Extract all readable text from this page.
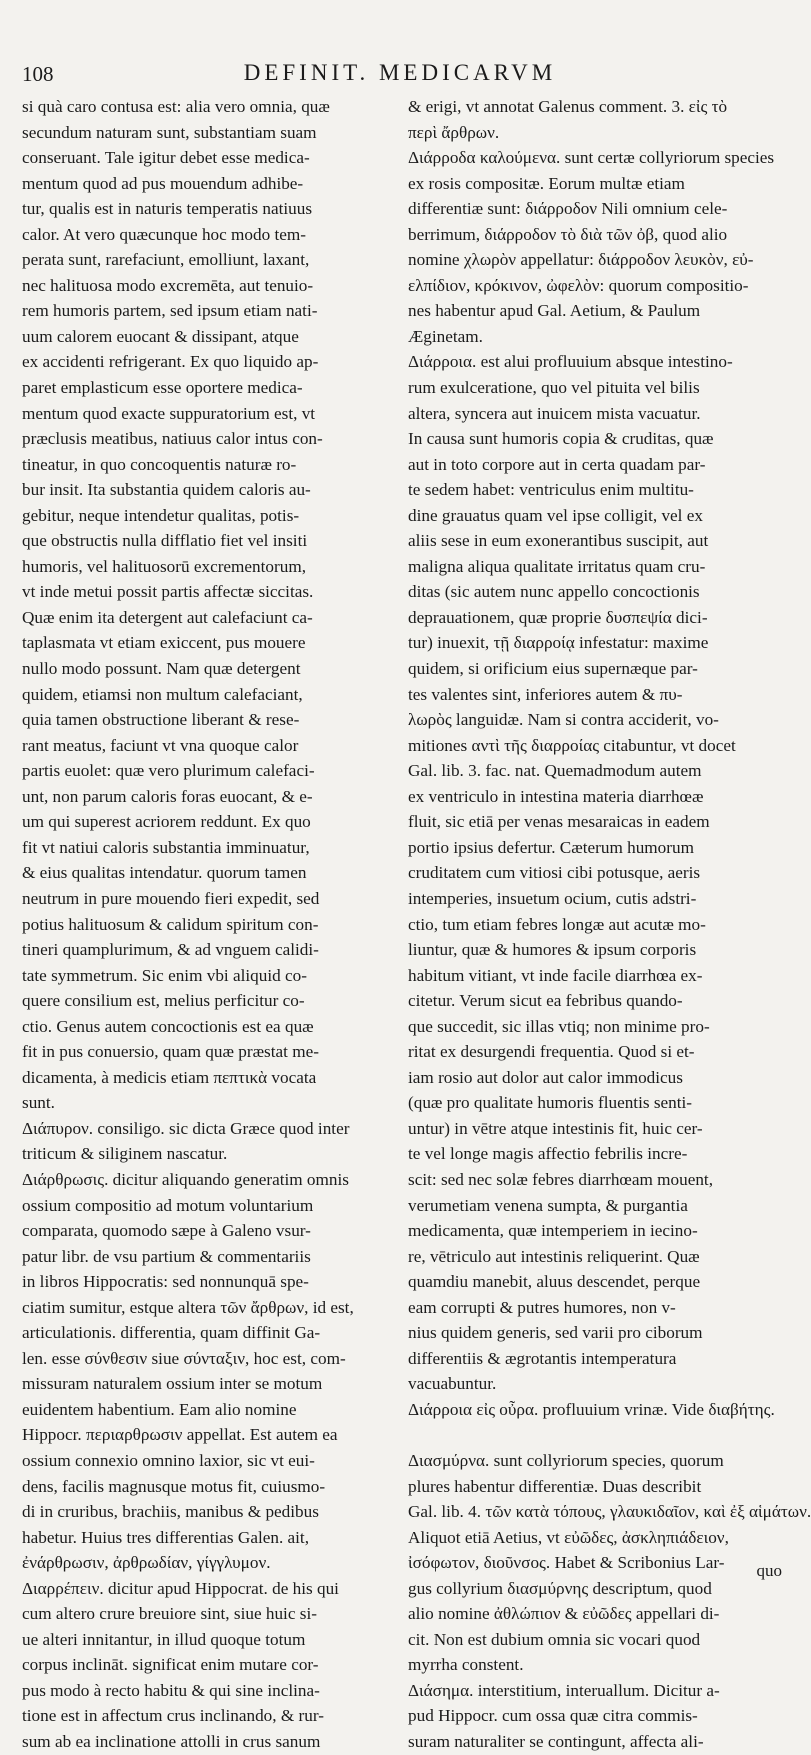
108	DEFINIT. MEDICARVM
si quà caro contusa est: alia vero omnia, quæ
secundum naturam sunt, substantiam suam
conseruant. Tale igitur debet esse medica-
mentum quod ad pus mouendum adhibe-
tur, qualis est in naturis temperatis natiuus
calor. At vero quæcunque hoc modo tem-
perata sunt, rarefaciunt, emolliunt, laxant,
nec halituosa modo excremēta, aut tenuio-
rem humoris partem, sed ipsum etiam nati-
uum calorem euocant & dissipant, atque
ex accidenti refrigerant. Ex quo liquido ap-
paret emplasticum esse oportere medica-
mentum quod exacte suppuratorium est, vt
præclusis meatibus, natiuus calor intus con-
tineatur, in quo concoquentis naturæ ro-
bur insit. Ita substantia quidem caloris au-
gebitur, neque intendetur qualitas, potis-
que obstructis nulla difflatio fiet vel insiti
humoris, vel halituosorū excrementorum,
vt inde metui possit partis affectæ siccitas.
Quæ enim ita detergent aut calefaciunt ca-
taplasmata vt etiam exiccent, pus mouere
nullo modo possunt. Nam quæ detergent
quidem, etiamsi non multum calefaciant,
quia tamen obstructione liberant & rese-
rant meatus, faciunt vt vna quoque calor
partis euolet: quæ vero plurimum calefaci-
unt, non parum caloris foras euocant, & e-
um qui superest acriorem reddunt. Ex quo
fit vt natiui caloris substantia imminuatur,
& eius qualitas intendatur. quorum tamen
neutrum in pure mouendo fieri expedit, sed
potius halituosum & calidum spiritum con-
tineri quamplurimum, & ad vnguem calidi-
tate symmetrum. Sic enim vbi aliquid co-
quere consilium est, melius perficitur co-
ctio. Genus autem concoctionis est ea quæ
fit in pus conuersio, quam quæ præstat me-
dicamenta, à medicis etiam πεπτικὰ vocata
sunt.
Διάπυρον. consiligo. sic dicta Græce quod inter
triticum & siliginem nascatur.
Διάρθρωσις. dicitur aliquando generatim omnis
ossium compositio ad motum voluntarium
comparata, quomodo sæpe à Galeno vsur-
patur libr. de vsu partium & commentariis
in libros Hippocratis: sed nonnunquā spe-
ciatim sumitur, estque altera τῶν ἄρθρων, id est,
articulationis. differentia, quam diffinit Ga-
len. esse σύνθεσιν siue σύνταξιν, hoc est, com-
missuram naturalem ossium inter se motum
euidentem habentium. Eam alio nomine
Hippocr. περιαρθρωσιν appellat. Est autem ea
ossium connexio omnino laxior, sic vt eui-
dens, facilis magnusque motus fit, cuiusmo-
di in cruribus, brachiis, manibus & pedibus
habetur. Huius tres differentias Galen. ait,
ἐνάρθρωσιν, ἀρθρωδίαν, γίγγλυμον.
Διαρρέπειν. dicitur apud Hippocrat. de his qui
cum altero crure breuiore sint, siue huic si-
ue alteri innitantur, in illud quoque totum
corpus inclināt. significat enim mutare cor-
pus modo à recto habitu & qui sine inclina-
tione est in affectum crus inclinando, & rur-
sum ab ea inclinatione attolli in crus sanum
& erigi, vt annotat Galenus comment. 3. εἰς τὸ
περὶ ἄρθρων.
Διάρροδα καλούμενα. sunt certæ collyriorum species
ex rosis compositæ. Eorum multæ etiam
differentiæ sunt: διάρροδον Nili omnium cele-
berrimum, διάρροδον τὸ διὰ τῶν ὀβ, quod alio
nomine χλωρὸν appellatur: διάρροδον λευκὸν, εὐ-
ελπίδιον, κρόκινον, ὠφελὸν: quorum compositio-
nes habentur apud Gal. Aetium, & Paulum
Æginetam.
Διάρροια. est alui profluuium absque intestino-
rum exulceratione, quo vel pituita vel bilis
altera, syncera aut inuicem mista vacuatur.
In causa sunt humoris copia & cruditas, quæ
aut in toto corpore aut in certa quadam par-
te sedem habet: ventriculus enim multitu-
dine grauatus quam vel ipse colligit, vel ex
aliis sese in eum exonerantibus suscipit, aut
maligna aliqua qualitate irritatus quam cru-
ditas (sic autem nunc appello concoctionis
deprauationem, quæ proprie δυσπεψία dici-
tur) inuexit, τῇ διαρροίᾳ infestatur: maxime
quidem, si orificium eius supernæque par-
tes valentes sint, inferiores autem & πυ-
λωρὸς languidæ. Nam si contra acciderit, vo-
mitiones αντὶ τῆς διαρροίας citabuntur, vt docet
Gal. lib. 3. fac. nat. Quemadmodum autem
ex ventriculo in intestina materia diarrhœæ
fluit, sic etiā per venas mesaraicas in eadem
portio ipsius defertur. Cæterum humorum
cruditatem cum vitiosi cibi potusque, aeris
intemperies, insuetum ocium, cutis adstri-
ctio, tum etiam febres longæ aut acutæ mo-
liuntur, quæ & humores & ipsum corporis
habitum vitiant, vt inde facile diarrhœa ex-
citetur. Verum sicut ea febribus quando-
que succedit, sic illas vtiq; non minime pro-
ritat ex desurgendi frequentia. Quod si et-
iam rosio aut dolor aut calor immodicus
(quæ pro qualitate humoris fluentis senti-
untur) in vētre atque intestinis fit, huic cer-
te vel longe magis affectio febrilis incre-
scit: sed nec solæ febres diarrhœam mouent,
verumetiam venena sumpta, & purgantia
medicamenta, quæ intemperiem in iecino-
re, vētriculo aut intestinis reliquerint. Quæ
quamdiu manebit, aluus descendet, perque
eam corrupti & putres humores, non v-
nius quidem generis, sed varii pro ciborum
differentiis & ægrotantis intemperatura
vacuabuntur.
Διάρροια εἰς οὖρα. profluuium vrinæ. Vide διαβήτης.

Διασμύρνα. sunt collyriorum species, quorum
plures habentur differentiæ. Duas describit
Gal. lib. 4. τῶν κατὰ τόπους, γλαυκιδαῖον, καὶ ἐξ αἱμάτων.
Aliquot etiā Aetius, vt εὐῶδες, ἀσκληπιάδειον,
ἰσόφωτον, διοῦνσος. Habet & Scribonius Lar-
gus collyrium διασμύρνης descriptum, quod
alio nomine ἀθλώπιον & εὐῶδες appellari di-
cit. Non est dubium omnia sic vocari quod
myrrha constent.
Διάσημα. interstitium, interuallum. Dicitur a-
pud Hippocr. cum ossa quæ citra commis-
suram naturaliter se contingunt, affecta ali-
quo
